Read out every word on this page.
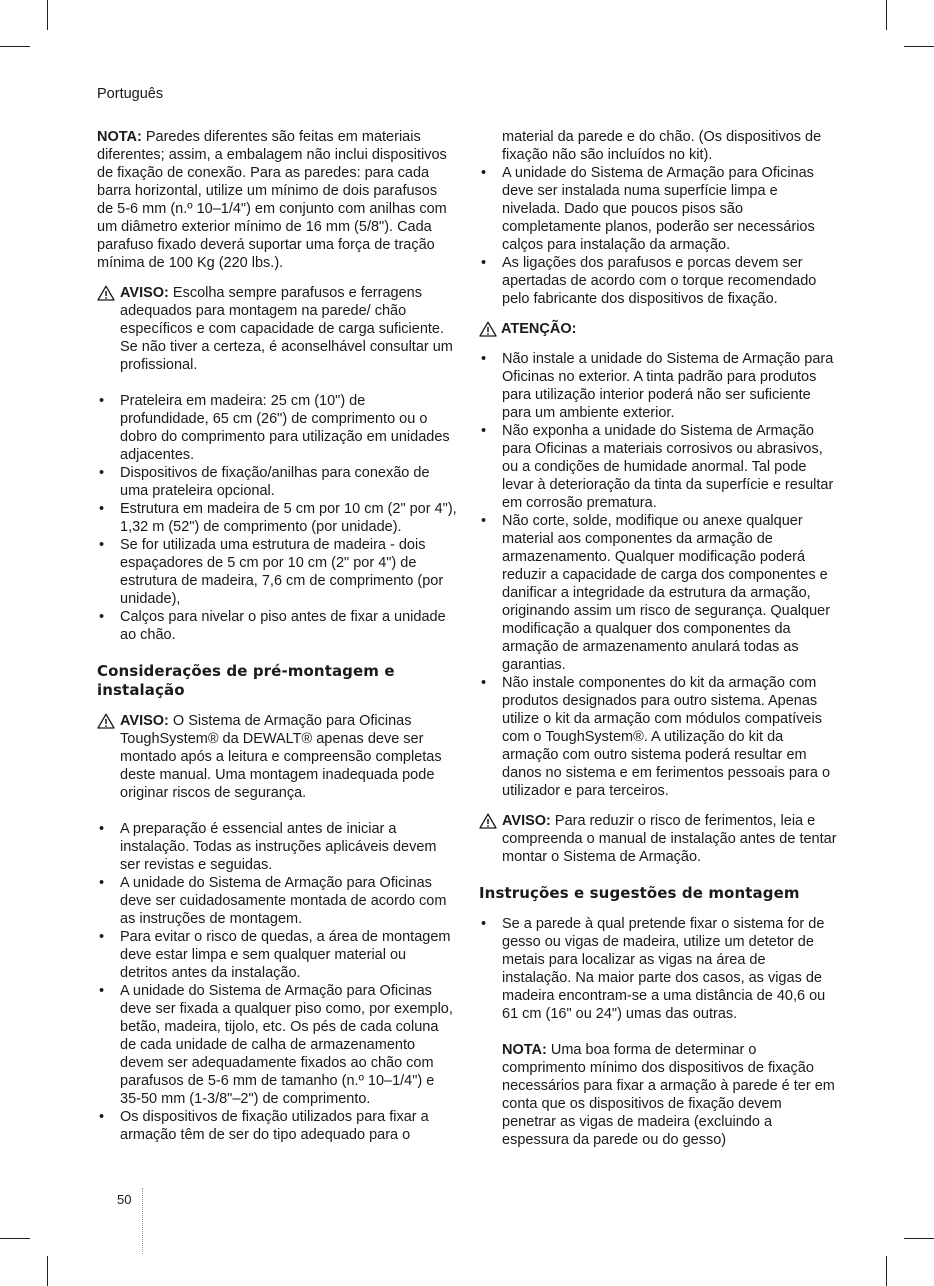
Português

NOTA: Paredes diferentes são feitas em materiais diferentes; assim, a embalagem não inclui dispositivos de fixação de conexão. Para as paredes: para cada barra horizontal, utilize um mínimo de dois parafusos de 5-6 mm (n.º 10–1/4") em conjunto com anilhas com um diâmetro exterior mínimo de 16 mm (5/8"). Cada parafuso fixado deverá suportar uma força de tração mínima de 100 Kg (220 lbs.).

AVISO: Escolha sempre parafusos e ferragens adequados para montagem na parede/ chão específicos e com capacidade de carga suficiente. Se não tiver a certeza, é aconselhável consultar um profissional.

• Prateleira em madeira: 25 cm (10") de profundidade, 65 cm (26") de comprimento ou o dobro do comprimento para utilização em unidades adjacentes.
• Dispositivos de fixação/anilhas para conexão de uma prateleira opcional.
• Estrutura em madeira de 5 cm por 10 cm (2" por 4"), 1,32 m (52") de comprimento (por unidade).
• Se for utilizada uma estrutura de madeira - dois espaçadores de 5 cm por 10 cm (2" por 4") de estrutura de madeira, 7,6 cm de comprimento (por unidade),
• Calços para nivelar o piso antes de fixar a unidade ao chão.
Considerações de pré-montagem e instalação

AVISO: O Sistema de Armação para Oficinas ToughSystem® da DEWALT® apenas deve ser montado após a leitura e compreensão completas deste manual. Uma montagem inadequada pode originar riscos de segurança.

• A preparação é essencial antes de iniciar a instalação. Todas as instruções aplicáveis devem ser revistas e seguidas.
• A unidade do Sistema de Armação para Oficinas deve ser cuidadosamente montada de acordo com as instruções de montagem.
• Para evitar o risco de quedas, a área de montagem deve estar limpa e sem qualquer material ou detritos antes da instalação.
• A unidade do Sistema de Armação para Oficinas deve ser fixada a qualquer piso como, por exemplo, betão, madeira, tijolo, etc. Os pés de cada coluna de cada unidade de calha de armazenamento devem ser adequadamente fixados ao chão com parafusos de 5-6 mm de tamanho (n.º 10–1/4") e 35-50 mm (1-3/8"–2") de comprimento.
• Os dispositivos de fixação utilizados para fixar a armação têm de ser do tipo adequado para o

material da parede e do chão. (Os dispositivos de fixação não são incluídos no kit).

• A unidade do Sistema de Armação para Oficinas deve ser instalada numa superfície limpa e nivelada. Dado que poucos pisos são completamente planos, poderão ser necessários calços para instalação da armação.
• As ligações dos parafusos e porcas devem ser apertadas de acordo com o torque recomendado pelo fabricante dos dispositivos de fixação.
ATENÇÃO:
• Não instale a unidade do Sistema de Armação para Oficinas no exterior. A tinta padrão para produtos para utilização interior poderá não ser suficiente para um ambiente exterior.
• Não exponha a unidade do Sistema de Armação para Oficinas a materiais corrosivos ou abrasivos, ou a condições de humidade anormal. Tal pode levar à deterioração da tinta da superfície e resultar em corrosão prematura.
• Não corte, solde, modifique ou anexe qualquer material aos componentes da armação de armazenamento. Qualquer modificação poderá reduzir a capacidade de carga dos componentes e danificar a integridade da estrutura da armação, originando assim um risco de segurança. Qualquer modificação a qualquer dos componentes da armação de armazenamento anulará todas as garantias.
• Não instale componentes do kit da armação com produtos designados para outro sistema. Apenas utilize o kit da armação com módulos compatíveis com o ToughSystem®. A utilização do kit da armação com outro sistema poderá resultar em danos no sistema e em ferimentos pessoais para o utilizador e para terceiros.

AVISO: Para reduzir o risco de ferimentos, leia e compreenda o manual de instalação antes de tentar montar o Sistema de Armação.

Instruções e sugestões de montagem
• Se a parede à qual pretende fixar o sistema for de gesso ou vigas de madeira, utilize um detetor de metais para localizar as vigas na área de instalação. Na maior parte dos casos, as vigas de madeira encontram-se a uma distância de 40,6 ou 61 cm (16" ou 24") umas das outras.

NOTA: Uma boa forma de determinar o comprimento mínimo dos dispositivos de fixação necessários para fixar a armação à parede é ter em conta que os dispositivos de fixação devem penetrar as vigas de madeira (excluindo a espessura da parede ou do gesso)

50
